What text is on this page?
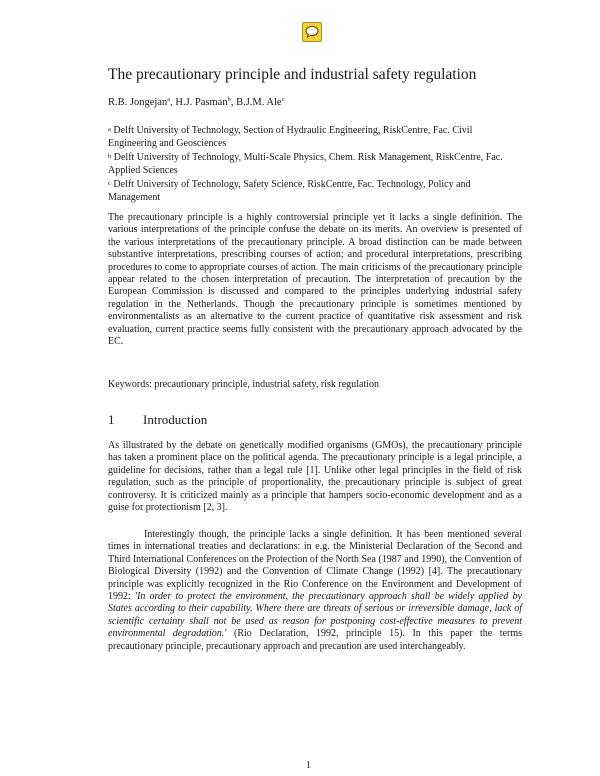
The precautionary principle and industrial safety regulation
R.B. Jongejan$^a$, H.J. Pasman$^b$, B.J.M. Ale$^c$
$^a$ Delft University of Technology, Section of Hydraulic Engineering, RiskCentre, Fac. Civil Engineering and Geosciences
$^b$ Delft University of Technology, Multi-Scale Physics, Chem. Risk Management, RiskCentre, Fac. Applied Sciences
$^c$ Delft University of Technology, Safety Science, RiskCentre, Fac. Technology, Policy and Management

The precautionary principle is a highly controversial principle yet it lacks a single definition. The various interpretations of the principle confuse the debate on its merits. An overview is presented of the various interpretations of the precautionary principle. A broad distinction can be made between substantive interpretations, prescribing courses of action; and procedural interpretations, prescribing procedures to come to appropriate courses of action. The main criticisms of the precautionary principle appear related to the chosen interpretation of precaution. The interpretation of precaution by the European Commission is discussed and compared to the principles underlying industrial safety regulation in the Netherlands. Though the precautionary principle is sometimes mentioned by environmentalists as an alternative to the current practice of quantitative risk assessment and risk evaluation, current practice seems fully consistent with the precautionary approach advocated by the EC.

Keywords: precautionary principle, industrial safety, risk regulation
1 Introduction

As illustrated by the debate on genetically modified organisms (GMOs), the precautionary principle has taken a prominent place on the political agenda. The precautionary principle is a legal principle, a guideline for decisions, rather than a legal rule [1]. Unlike other legal principles in the field of risk regulation, such as the principle of proportionality, the precautionary principle is subject of great controversy. It is criticized mainly as a principle that hampers socio-economic development and as a guise for protectionism [2, 3].

Interestingly though, the principle lacks a single definition. It has been mentioned several times in international treaties and declarations: in e.g. the Ministerial Declaration of the Second and Third International Conferences on the Protection of the North Sea (1987 and 1990), the Convention of Biological Diversity (1992) and the Convention of Climate Change (1992) [4]. The precautionary principle was explicitly recognized in the Rio Conference on the Environment and Development of 1992: 'In order to protect the environment, the precautionary approach shall be widely applied by States according to their capability. Where there are threats of serious or irreversible damage, lack of scientific certainty shall not be used as reason for postponing cost-effective measures to prevent environmental degradation.' (Rio Declaration, 1992, principle 15). In this paper the terms precautionary principle, precautionary approach and precaution are used interchangeably.

1
